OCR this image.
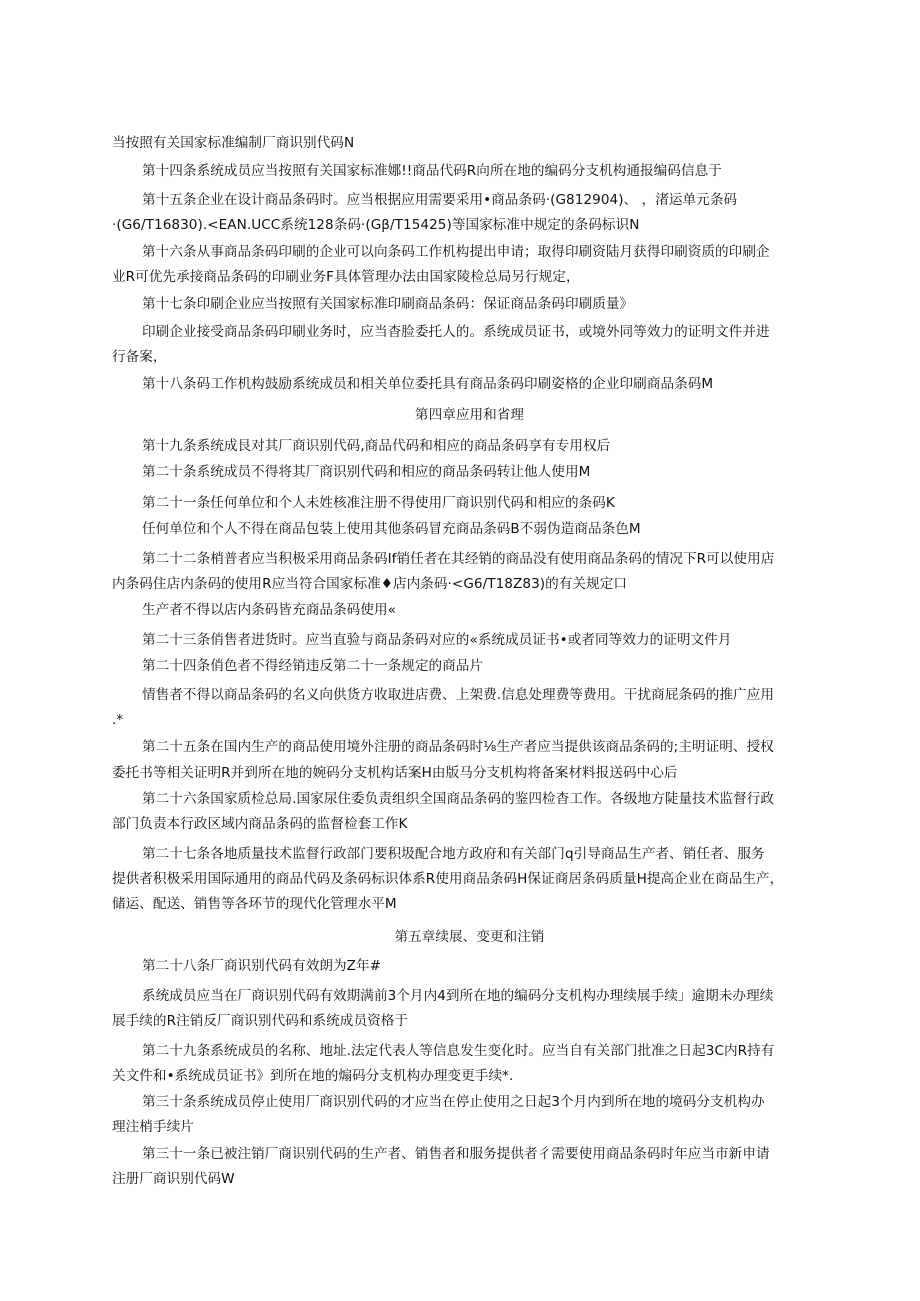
当按照有关国家标准编制厂商识别代码N
第十四条系统成员应当按照有关国家标准娜!!商品代码R向所在地的编码分支机构通报编码信息于
第十五条企业在设计商品条码时。应当根据应用需要采用•商品条码·(G812904)、 ，渚运单元条码
·(G6/T16830).<EAN.UCC系统128条码·(Gβ/T15425)等国家标准中规定的条码标识N
第十六条从事商品条码印刷的企业可以向条码工作机构提出申请；取得印刷资陆月获得印刷资质的印刷企
业R可优先承接商品条码的印刷业务F具体管理办法由国家陵检总局另行规定，
第十七条印刷企业应当按照有关国家标准印刷商品条码：保证商品条码印刷质量》
印刷企业接受商品条码印刷业务时，应当杳脸委托人的。系统成员证书，或境外同等效力的证明文件并进
行备案，
第十八条码工作机构鼓励系统成员和相关单位委托具有商品条码印刷姿格的企业印刷商品条码M
第四章应用和省理
第十九条系统成艮对其厂商识别代码,商品代码和相应的商品条码享有专用权后
第二十条系统成员不得将其厂商识别代码和相应的商品条码转让他人使用M
第二十一条任何单位和个人未姓核准注册不得使用厂商识别代码和相应的条码K
任何单位和个人不得在商品包装上使用其他条码冒充商品条码B不弱伪造商品条色M
第二十二条梢普者应当积极采用商品条码If销任者在其经销的商品没有使用商品条码的情况下R可以使用店
内条码住店内条码的使用R应当符合国家标准♦店内条码·<G6/T18Z83)的有关规定口
生产者不得以店内条码皆充商品条码使用«
第二十三条俏售者进货时。应当直验与商品条码对应的«系统成员证书•或者同等效力的证明文件月
第二十四条俏色者不得经销违反第二十一条规定的商品片
情售者不得以商品条码的名义向供货方收取进店费、上架费.信息处理费等费用。干扰商屁条码的推广应用
.*
第二十五条在国内生产的商品使用境外注册的商品条码时⅛生产者应当提供该商品条码的;主明证明、授权
委托书等相关证明R并到所在地的婉码分支机构话案H由版马分支机构将备案材料报送码中心后
第二十六条国家质检总局.国家尿住委负责组织全国商品条码的鉴四检杳工作。各级地方陡量技术监督行政
部门负责本行政区域内商品条码的监督检套工作K
第二十七条各地质量技术监督行政部门要积圾配合地方政府和有关部门q引导商品生产者、销任者、服务
提供者积极采用国际通用的商品代码及条码标识体系R使用商品条码H保证商居条码质量H提高企业在商品生产，
储运、配送、销售等各环节的现代化管理水平M
第五章续展、变更和注销
第二十八条厂商识别代码有效朗为Z年#
系统成员应当在厂商识别代码有效期满前3个月内4到所在地的编码分支机构办理续展手续」逾期未办理续
展手续的R注销反厂商识别代码和系统成员资格于
第二十九条系统成员的名称、地址.法定代表人等信息发生变化时。应当自有关部门批准之日起3C内R持有
关文件和•系统成员证书》到所在地的煽码分支机构办理变更手续*.
第三十条系统成员停止使用厂商识别代码的才应当在停止使用之日起3个月内到所在地的境码分支机构办
理注梢手续片
第三十一条已被注销厂商识别代码的生产者、销售者和服务提供者彳需要使用商品条码时年应当市新申请
注册厂商识别代码W
